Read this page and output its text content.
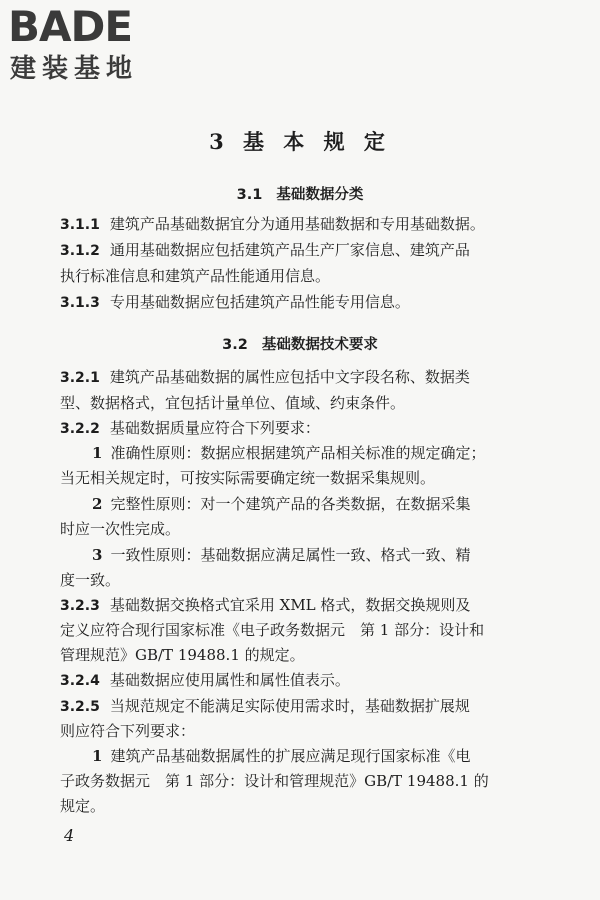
BADE
建装基地
3 基 本 规 定
3.1 基础数据分类
3.1.1 建筑产品基础数据宜分为通用基础数据和专用基础数据。
3.1.2 通用基础数据应包括建筑产品生产厂家信息、建筑产品
执行标准信息和建筑产品性能通用信息。
3.1.3 专用基础数据应包括建筑产品性能专用信息。
3.2 基础数据技术要求
3.2.1 建筑产品基础数据的属性应包括中文字段名称、数据类
型、数据格式，宜包括计量单位、值域、约束条件。
3.2.2 基础数据质量应符合下列要求：
1 准确性原则：数据应根据建筑产品相关标准的规定确定；
当无相关规定时，可按实际需要确定统一数据采集规则。
2 完整性原则：对一个建筑产品的各类数据，在数据采集
时应一次性完成。
3 一致性原则：基础数据应满足属性一致、格式一致、精
度一致。
3.2.3 基础数据交换格式宜采用 XML 格式，数据交换规则及
定义应符合现行国家标准《电子政务数据元　第 1 部分：设计和
管理规范》GB/T 19488.1 的规定。
3.2.4 基础数据应使用属性和属性值表示。
3.2.5 当规范规定不能满足实际使用需求时，基础数据扩展规
则应符合下列要求：
1 建筑产品基础数据属性的扩展应满足现行国家标准《电
子政务数据元　第 1 部分：设计和管理规范》GB/T 19488.1 的
规定。
4
